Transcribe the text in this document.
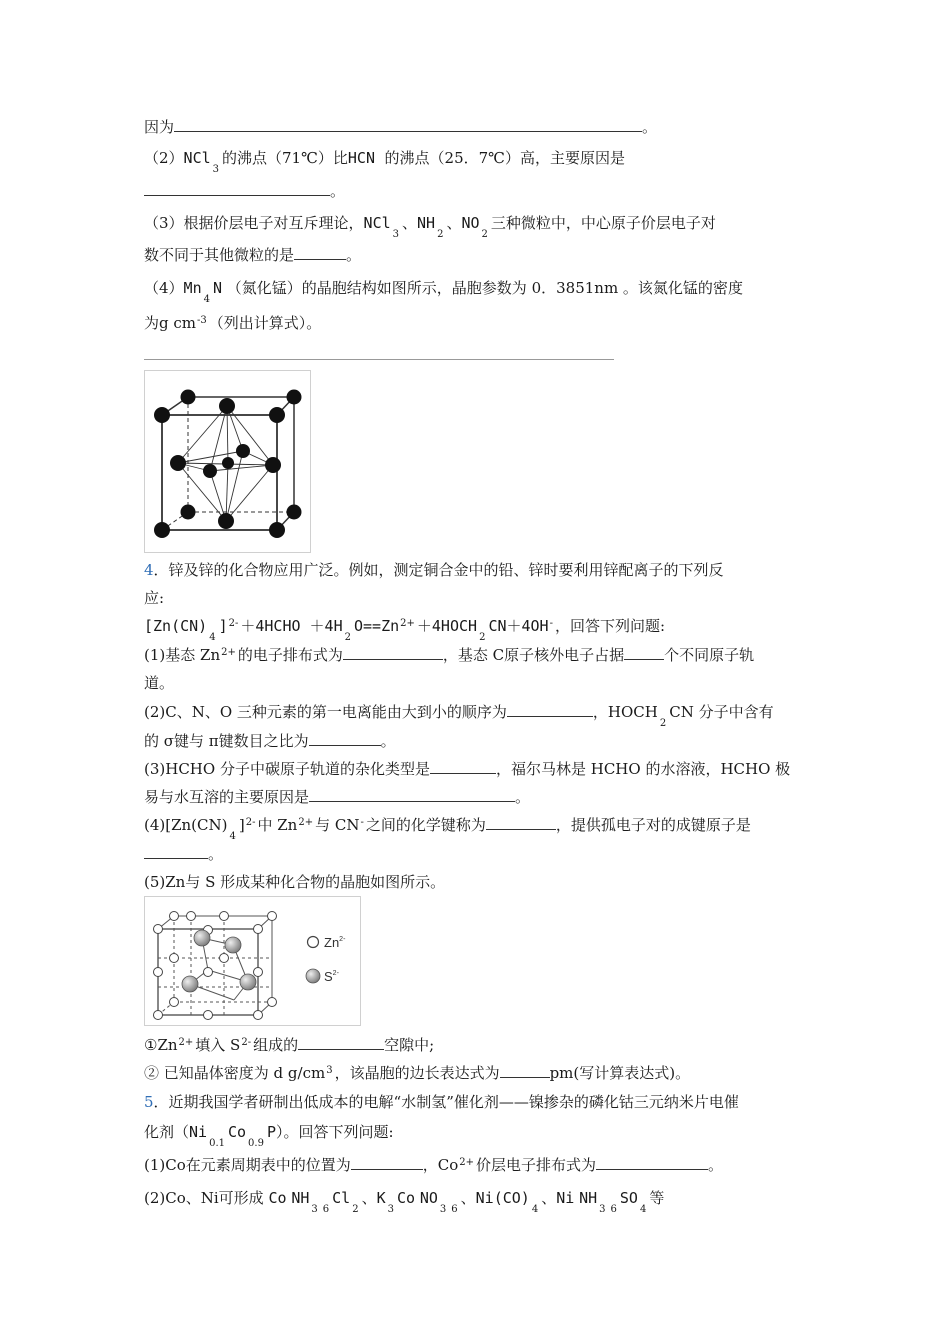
因为	。
（2）NCl$_3$的沸点（71℃）比HCN 的沸点（25．7℃）高，主要原因是
。
（3）根据价层电子对互斥理论，NCl$_3$、$NH_2$、$NO_2$三种微粒中，中心原子价层电子对
数不同于其他微粒的是	。
$(4)Mn_4N$ （氮化锰）的晶胞结构如图所示，晶胞参数为 0．3851nm 。该氮化锰的密度
为g $cm^{-3}$ （列出计算式）。
4．锌及锌的化合物应用广泛。例如，测定铜合金中的铅、锌时要利用锌配离子的下列反
应:
$[Zn(CN)_4]^{2-}$ ＋4HCHO $+4H_2O==Zn^{2+}$ $+4HOCH_2CN+4OH^-$ ，回答下列问题:
(1)基态 $Zn^{2+}$ 的电子排布式为	，基态 C原子核外电子占据	个不同原子轨
道。
(2)C、N、O 三种元素的第一电离能由大到小的顺序为	，$HOCH_2CN$ 分子中含有
的 σ键与 π键数目之比为	。
(3)HCHO 分子中碳原子轨道的杂化类型是	，福尔马林是 HCHO 的水溶液，HCHO 极
易与水互溶的主要原因是	。
$(4)[Zn(CN)_4]^{2-}$ 中 $Zn^{2+}$ 与 CN- 之间的化学键称为	，提供孤电子对的成键原子是
。
(5)Zn与 S 形成某种化合物的晶胞如图所示。
$Zn^{2-}$
$S^{2-}$
$①Zn^{2+}$ 填入 $S^{2-}$ 组成的	空隙中;
② 已知晶体密度为 d $g/cm^3$ ，该晶胞的边长表达式为	pm(写计算表达式)。
5．近期我国学者研制出低成本的电解“水制氢”催化剂——镍掺杂的磷化钴三元纳米片电催
化剂$(Ni_{0.1}Co_{0.9}P)$。回答下列问题:
(1)Co在元素周期表中的位置为	，$Co^{2+}$ 价层电子排布式为	。
(2)Co、Ni可形成 Co $NH_3$ $_6Cl_2$、$K_3Co$ $NO_3$ $_6$、$Ni(CO)_4$、Ni $NH_3$ $_6SO_4$等
